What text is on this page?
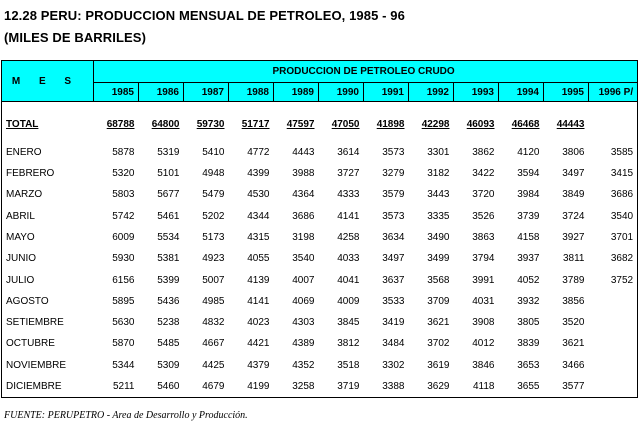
12.28 PERU: PRODUCCION MENSUAL DE PETROLEO, 1985 - 96
(MILES DE BARRILES)
M E S	PRODUCCION DE PETROLEO CRUDO											
	1985	1986	1987	1988	1989	1990	1991	1992	1993	1994	1995	1996 P/

TOTAL	68788	64800	59730	51717	47597	47050	41898	42298	46093	46468	44443	

ENERO	5878	5319	5410	4772	4443	3614	3573	3301	3862	4120	3806	3585
FEBRERO	5320	5101	4948	4399	3988	3727	3279	3182	3422	3594	3497	3415
MARZO	5803	5677	5479	4530	4364	4333	3579	3443	3720	3984	3849	3686
ABRIL	5742	5461	5202	4344	3686	4141	3573	3335	3526	3739	3724	3540
MAYO	6009	5534	5173	4315	3198	4258	3634	3490	3863	4158	3927	3701
JUNIO	5930	5381	4923	4055	3540	4033	3497	3499	3794	3937	3811	3682
JULIO	6156	5399	5007	4139	4007	4041	3637	3568	3991	4052	3789	3752
AGOSTO	5895	5436	4985	4141	4069	4009	3533	3709	4031	3932	3856	
SETIEMBRE	5630	5238	4832	4023	4303	3845	3419	3621	3908	3805	3520	
OCTUBRE	5870	5485	4667	4421	4389	3812	3484	3702	4012	3839	3621	
NOVIEMBRE	5344	5309	4425	4379	4352	3518	3302	3619	3846	3653	3466	
DICIEMBRE	5211	5460	4679	4199	3258	3719	3388	3629	4118	3655	3577	
FUENTE: PERUPETRO - Area de Desarrollo y Producción.
